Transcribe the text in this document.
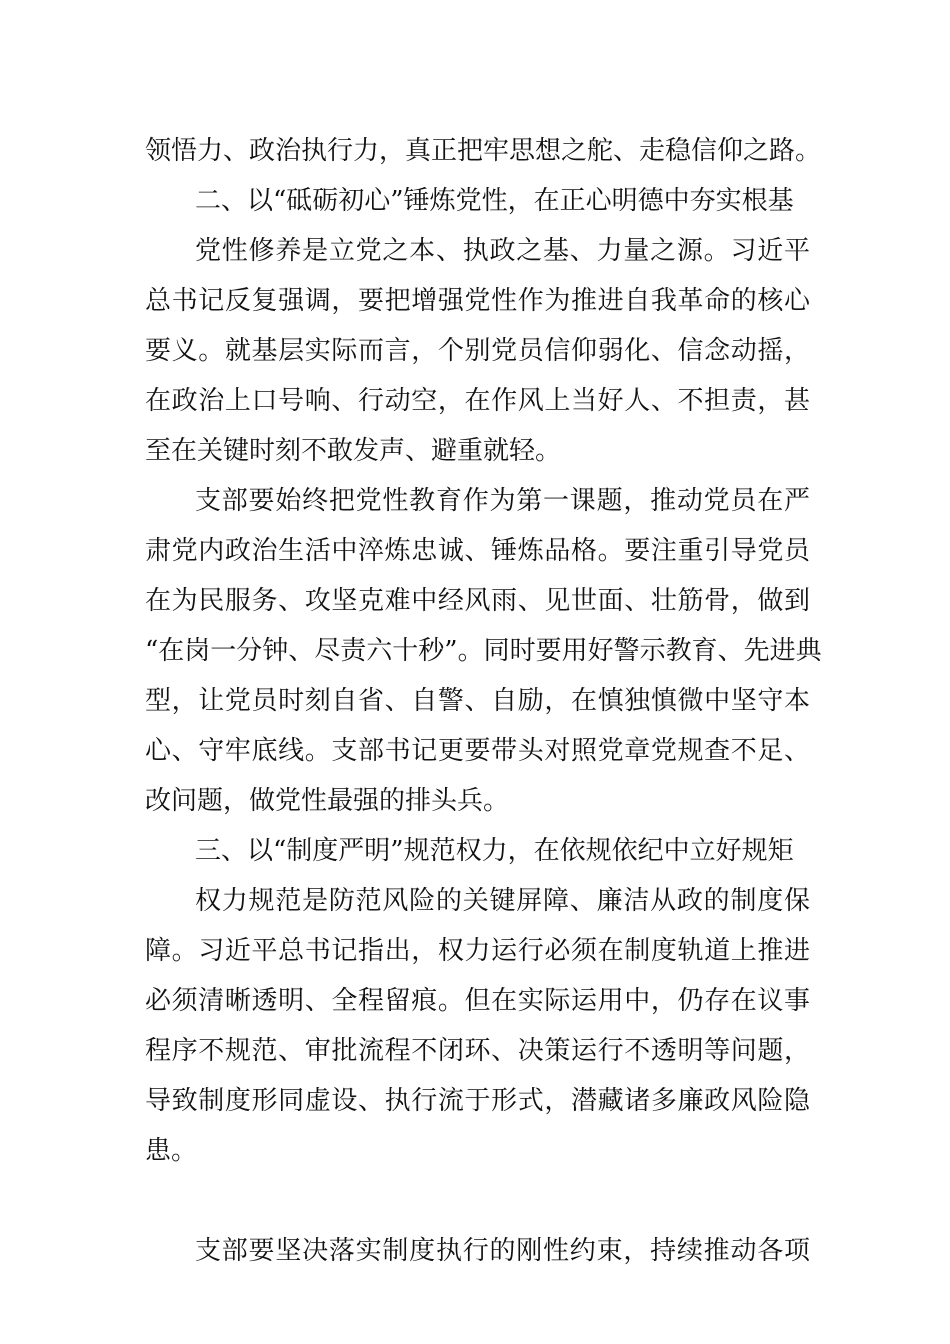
领悟力、政治执行力，真正把牢思想之舵、走稳信仰之路。
二、以“砥砺初心”锤炼党性，在正心明德中夯实根基
党性修养是立党之本、执政之基、力量之源。习近平
总书记反复强调，要把增强党性作为推进自我革命的核心
要义。就基层实际而言，个别党员信仰弱化、信念动摇，
在政治上口号响、行动空，在作风上当好人、不担责，甚
至在关键时刻不敢发声、避重就轻。
支部要始终把党性教育作为第一课题，推动党员在严
肃党内政治生活中淬炼忠诚、锤炼品格。要注重引导党员
在为民服务、攻坚克难中经风雨、见世面、壮筋骨，做到
“在岗一分钟、尽责六十秒”。同时要用好警示教育、先进典
型，让党员时刻自省、自警、自励，在慎独慎微中坚守本
心、守牢底线。支部书记更要带头对照党章党规查不足、
改问题，做党性最强的排头兵。
三、以“制度严明”规范权力，在依规依纪中立好规矩
权力规范是防范风险的关键屏障、廉洁从政的制度保
障。习近平总书记指出，权力运行必须在制度轨道上推进
必须清晰透明、全程留痕。但在实际运用中，仍存在议事
程序不规范、审批流程不闭环、决策运行不透明等问题，
导致制度形同虚设、执行流于形式，潜藏诸多廉政风险隐
患。
支部要坚决落实制度执行的刚性约束，持续推动各项
